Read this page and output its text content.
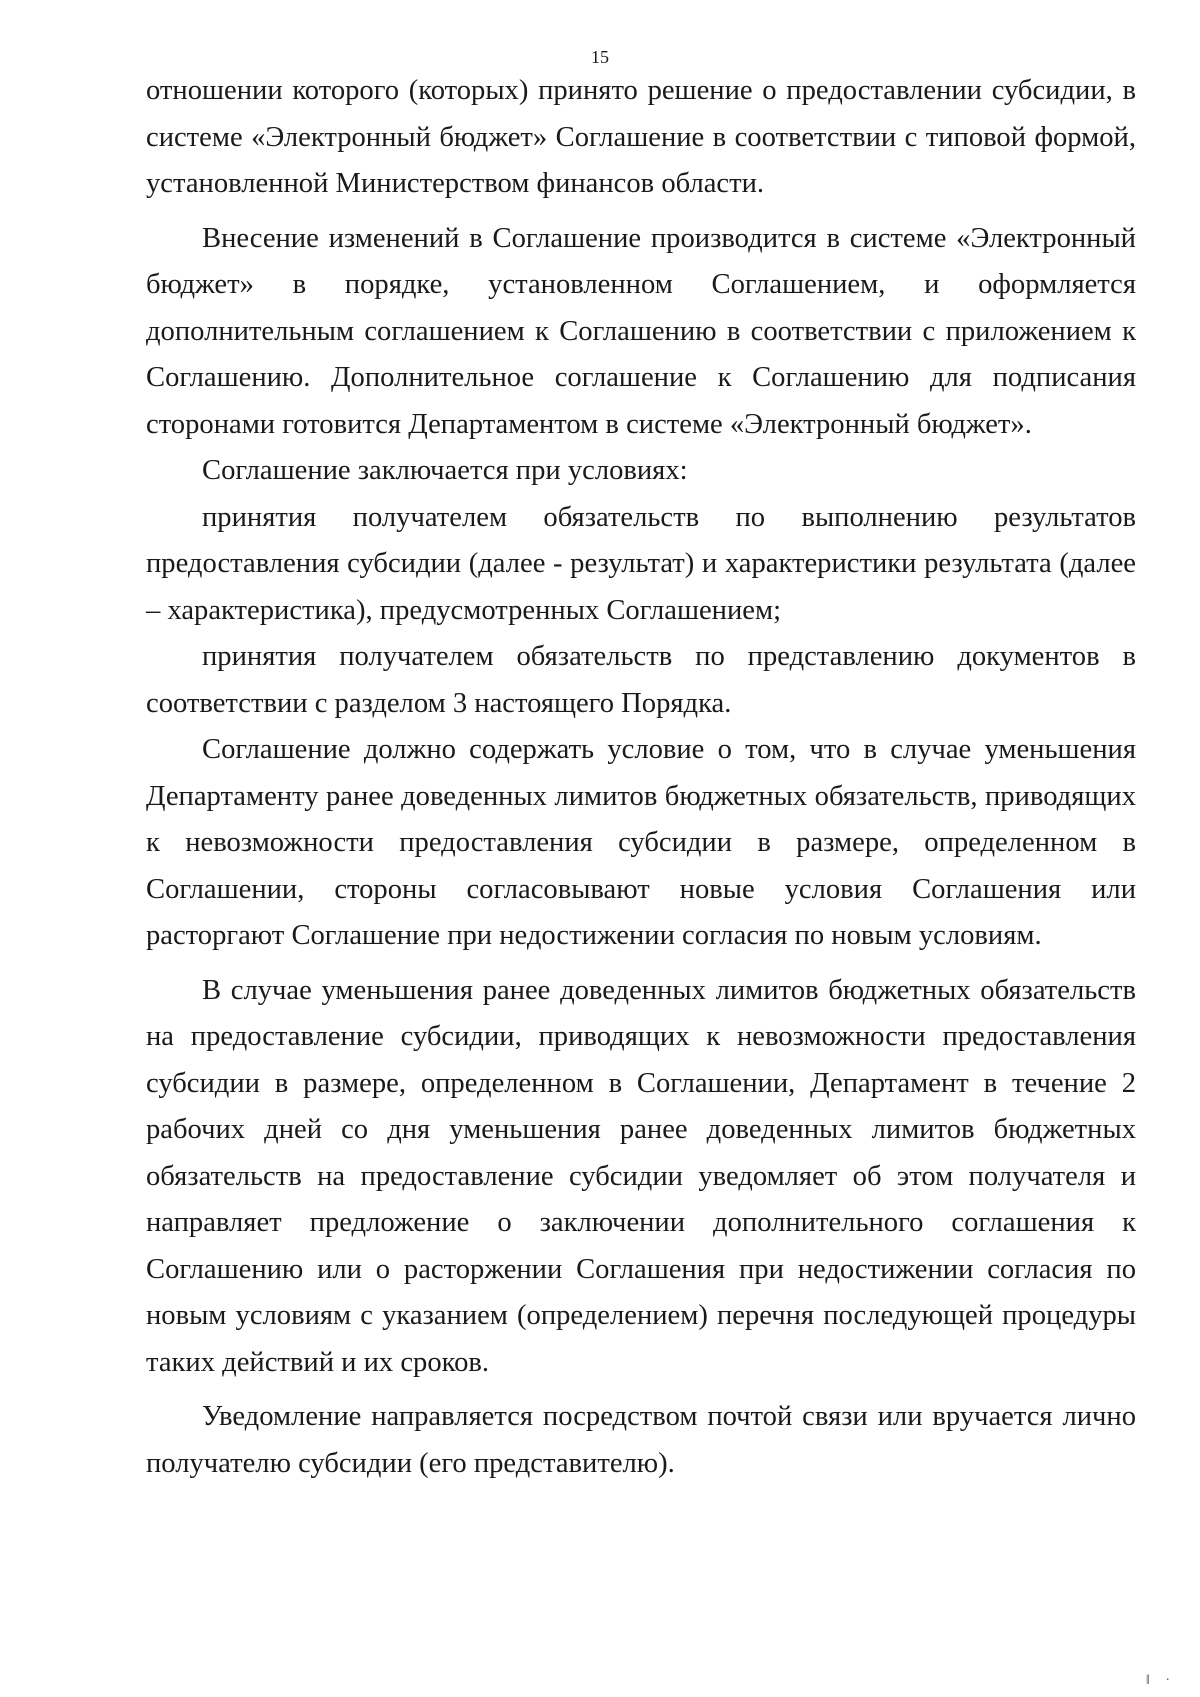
15

отношении которого (которых) принято решение о предоставлении субсидии, в системе «Электронный бюджет» Соглашение в соответствии с типовой формой, установленной Министерством финансов области.

Внесение изменений в Соглашение производится в системе «Электронный бюджет» в порядке, установленном Соглашением, и оформляется дополнительным соглашением к Соглашению в соответствии с приложением к Соглашению. Дополнительное соглашение к Соглашению для подписания сторонами готовится Департаментом в системе «Электронный бюджет».

Соглашение заключается при условиях:

принятия получателем обязательств по выполнению результатов предоставления субсидии (далее - результат) и характеристики результата (далее – характеристика), предусмотренных Соглашением;

принятия получателем обязательств по представлению документов в соответствии с разделом 3 настоящего Порядка.

Соглашение должно содержать условие о том, что в случае уменьшения Департаменту ранее доведенных лимитов бюджетных обязательств, приводящих к невозможности предоставления субсидии в размере, определенном в Соглашении, стороны согласовывают новые условия Соглашения или расторгают Соглашение при недостижении согласия по новым условиям.

В случае уменьшения ранее доведенных лимитов бюджетных обязательств на предоставление субсидии, приводящих к невозможности предоставления субсидии в размере, определенном в Соглашении, Департамент в течение 2 рабочих дней со дня уменьшения ранее доведенных лимитов бюджетных обязательств на предоставление субсидии уведомляет об этом получателя и направляет предложение о заключении дополнительного соглашения к Соглашению или о расторжении Соглашения при недостижении согласия по новым условиям с указанием (определением) перечня последующей процедуры таких действий и их сроков.

Уведомление направляется посредством почтой связи или вручается лично получателю субсидии (его представителю).

‖ ·
